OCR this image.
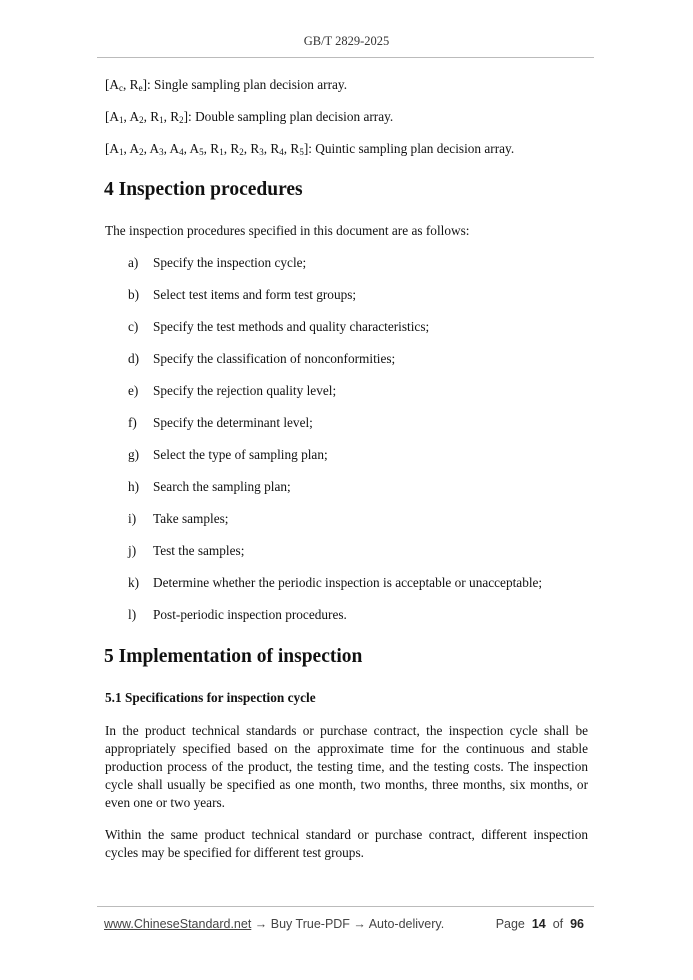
GB/T 2829-2025
[$A_c$, $R_e$]: Single sampling plan decision array.
[$A_1$, $A_2$, $R_1$, $R_2$]: Double sampling plan decision array.
[$A_1$, $A_2$, $A_3$, $A_4$, $A_5$, $R_1$, $R_2$, $R_3$, $R_4$, $R_5$]: Quintic sampling plan decision array.
4 Inspection procedures
The inspection procedures specified in this document are as follows:
a) Specify the inspection cycle;
b) Select test items and form test groups;
c) Specify the test methods and quality characteristics;
d) Specify the classification of nonconformities;
e) Specify the rejection quality level;
f) Specify the determinant level;
g) Select the type of sampling plan;
h) Search the sampling plan;
i) Take samples;
j) Test the samples;
k) Determine whether the periodic inspection is acceptable or unacceptable;
l) Post-periodic inspection procedures.
5 Implementation of inspection
5.1 Specifications for inspection cycle

In the product technical standards or purchase contract, the inspection cycle shall be appropriately specified based on the approximate time for the continuous and stable production process of the product, the testing time, and the testing costs. The inspection cycle shall usually be specified as one month, two months, three months, six months, or even one or two years.

Within the same product technical standard or purchase contract, different inspection cycles may be specified for different test groups.

www.ChineseStandard.net → Buy True-PDF → Auto-delivery.	Page 14 of 96
